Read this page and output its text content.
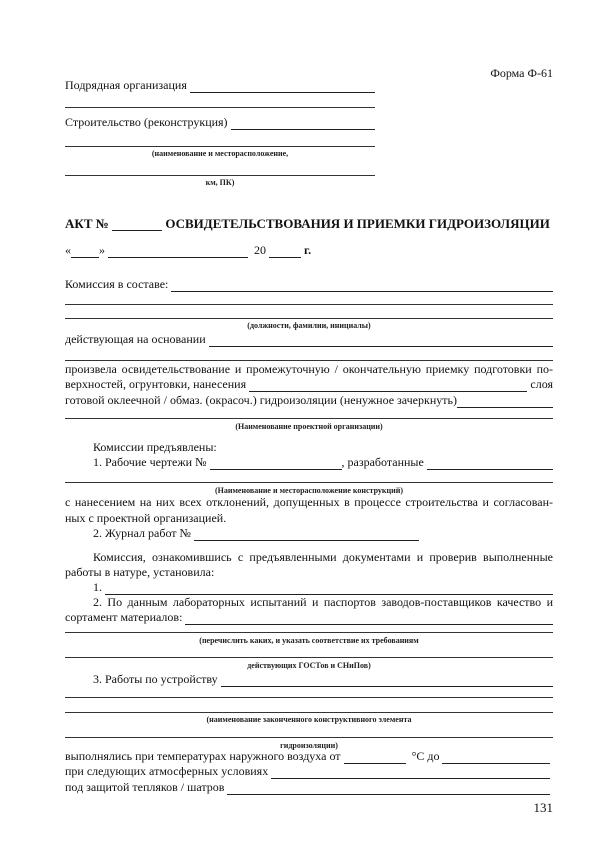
Форма Ф-61
Подрядная организация

Строительство (реконструкция)

(наименование и месторасположение,
км, ПК)
АКТ №

	ОСВИДЕТЕЛЬСТВОВАНИЯ И ПРИЕМКИ ГИДРОИЗОЛЯЦИИ
« »

	20

	г.
Комиссия в составе:

(должности, фамилии, инициалы)
действующая на основании

произвела освидетельствование и промежуточную / окончательную приемку подготовки по-
верхностей, огрунтовки, нанесения

	слоя
готовой оклеечной / обмаз. (окрасоч.) гидроизоляции (ненужное зачеркнуть)
(Наименование проектной организации)
Комиссии предъявлены:
1. Рабочие чертежи №
	, разработанные

(Наименование и месторасположение конструкций)
с нанесением на них всех отклонений, допущенных в процессе строительства и согласован-
ных с проектной организацией.
2. Журнал работ №

Комиссия, ознакомившись с предъявленными документами и проверив выполненные
работы в натуре, установила:
1.

2. По данным лабораторных испытаний и паспортов заводов-поставщиков качество и
сортамент материалов:

(перечислить каких, и указать соответствие их требованиям
действующих ГОСТов и СНиПов)
3. Работы по устройству

(наименование законченного конструктивного элемента
гидроизоляции)
выполнялись при температурах наружного воздуха от

	°С до

при следующих атмосферных условиях

под защитой тепляков / шатров

131
